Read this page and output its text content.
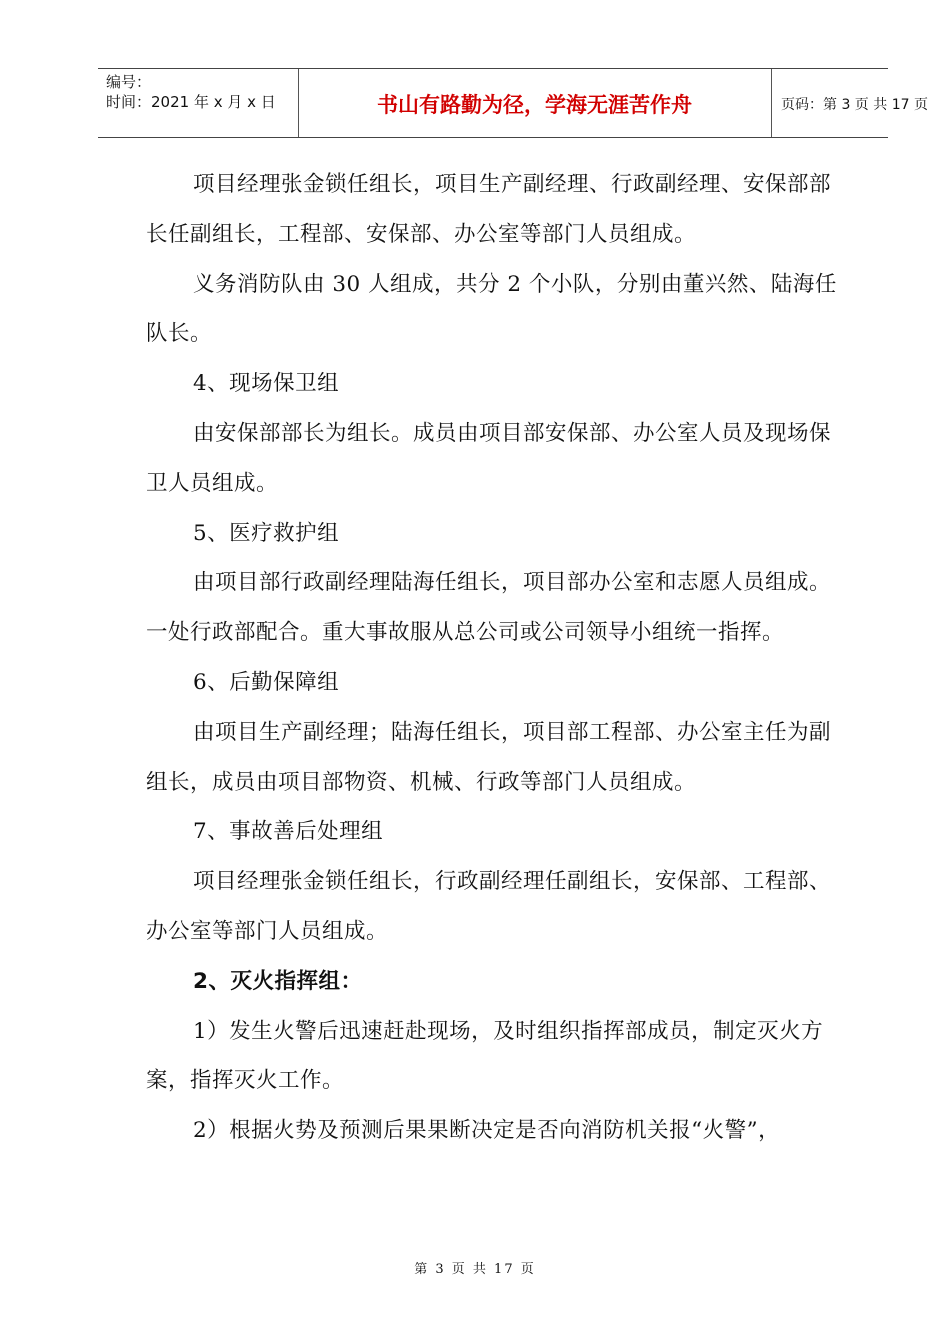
编号：
时间：2021 年 x 月 x 日	书山有路勤为径，学海无涯苦作舟	页码：第 3 页 共 17 页

项目经理张金锁任组长，项目生产副经理、行政副经理、安保部部长任副组长，工程部、安保部、办公室等部门人员组成。

义务消防队由 30 人组成，共分 2 个小队，分别由董兴然、陆海任队长。

4、现场保卫组

由安保部部长为组长。成员由项目部安保部、办公室人员及现场保卫人员组成。

5、医疗救护组

由项目部行政副经理陆海任组长，项目部办公室和志愿人员组成。一处行政部配合。重大事故服从总公司或公司领导小组统一指挥。

6、后勤保障组

由项目生产副经理；陆海任组长，项目部工程部、办公室主任为副组长，成员由项目部物资、机械、行政等部门人员组成。

7、事故善后处理组

项目经理张金锁任组长，行政副经理任副组长，安保部、工程部、办公室等部门人员组成。

2、灭火指挥组：

1）发生火警后迅速赶赴现场，及时组织指挥部成员，制定灭火方案，指挥灭火工作。

2）根据火势及预测后果果断决定是否向消防机关报“火警”，

第 3 页 共 17 页
